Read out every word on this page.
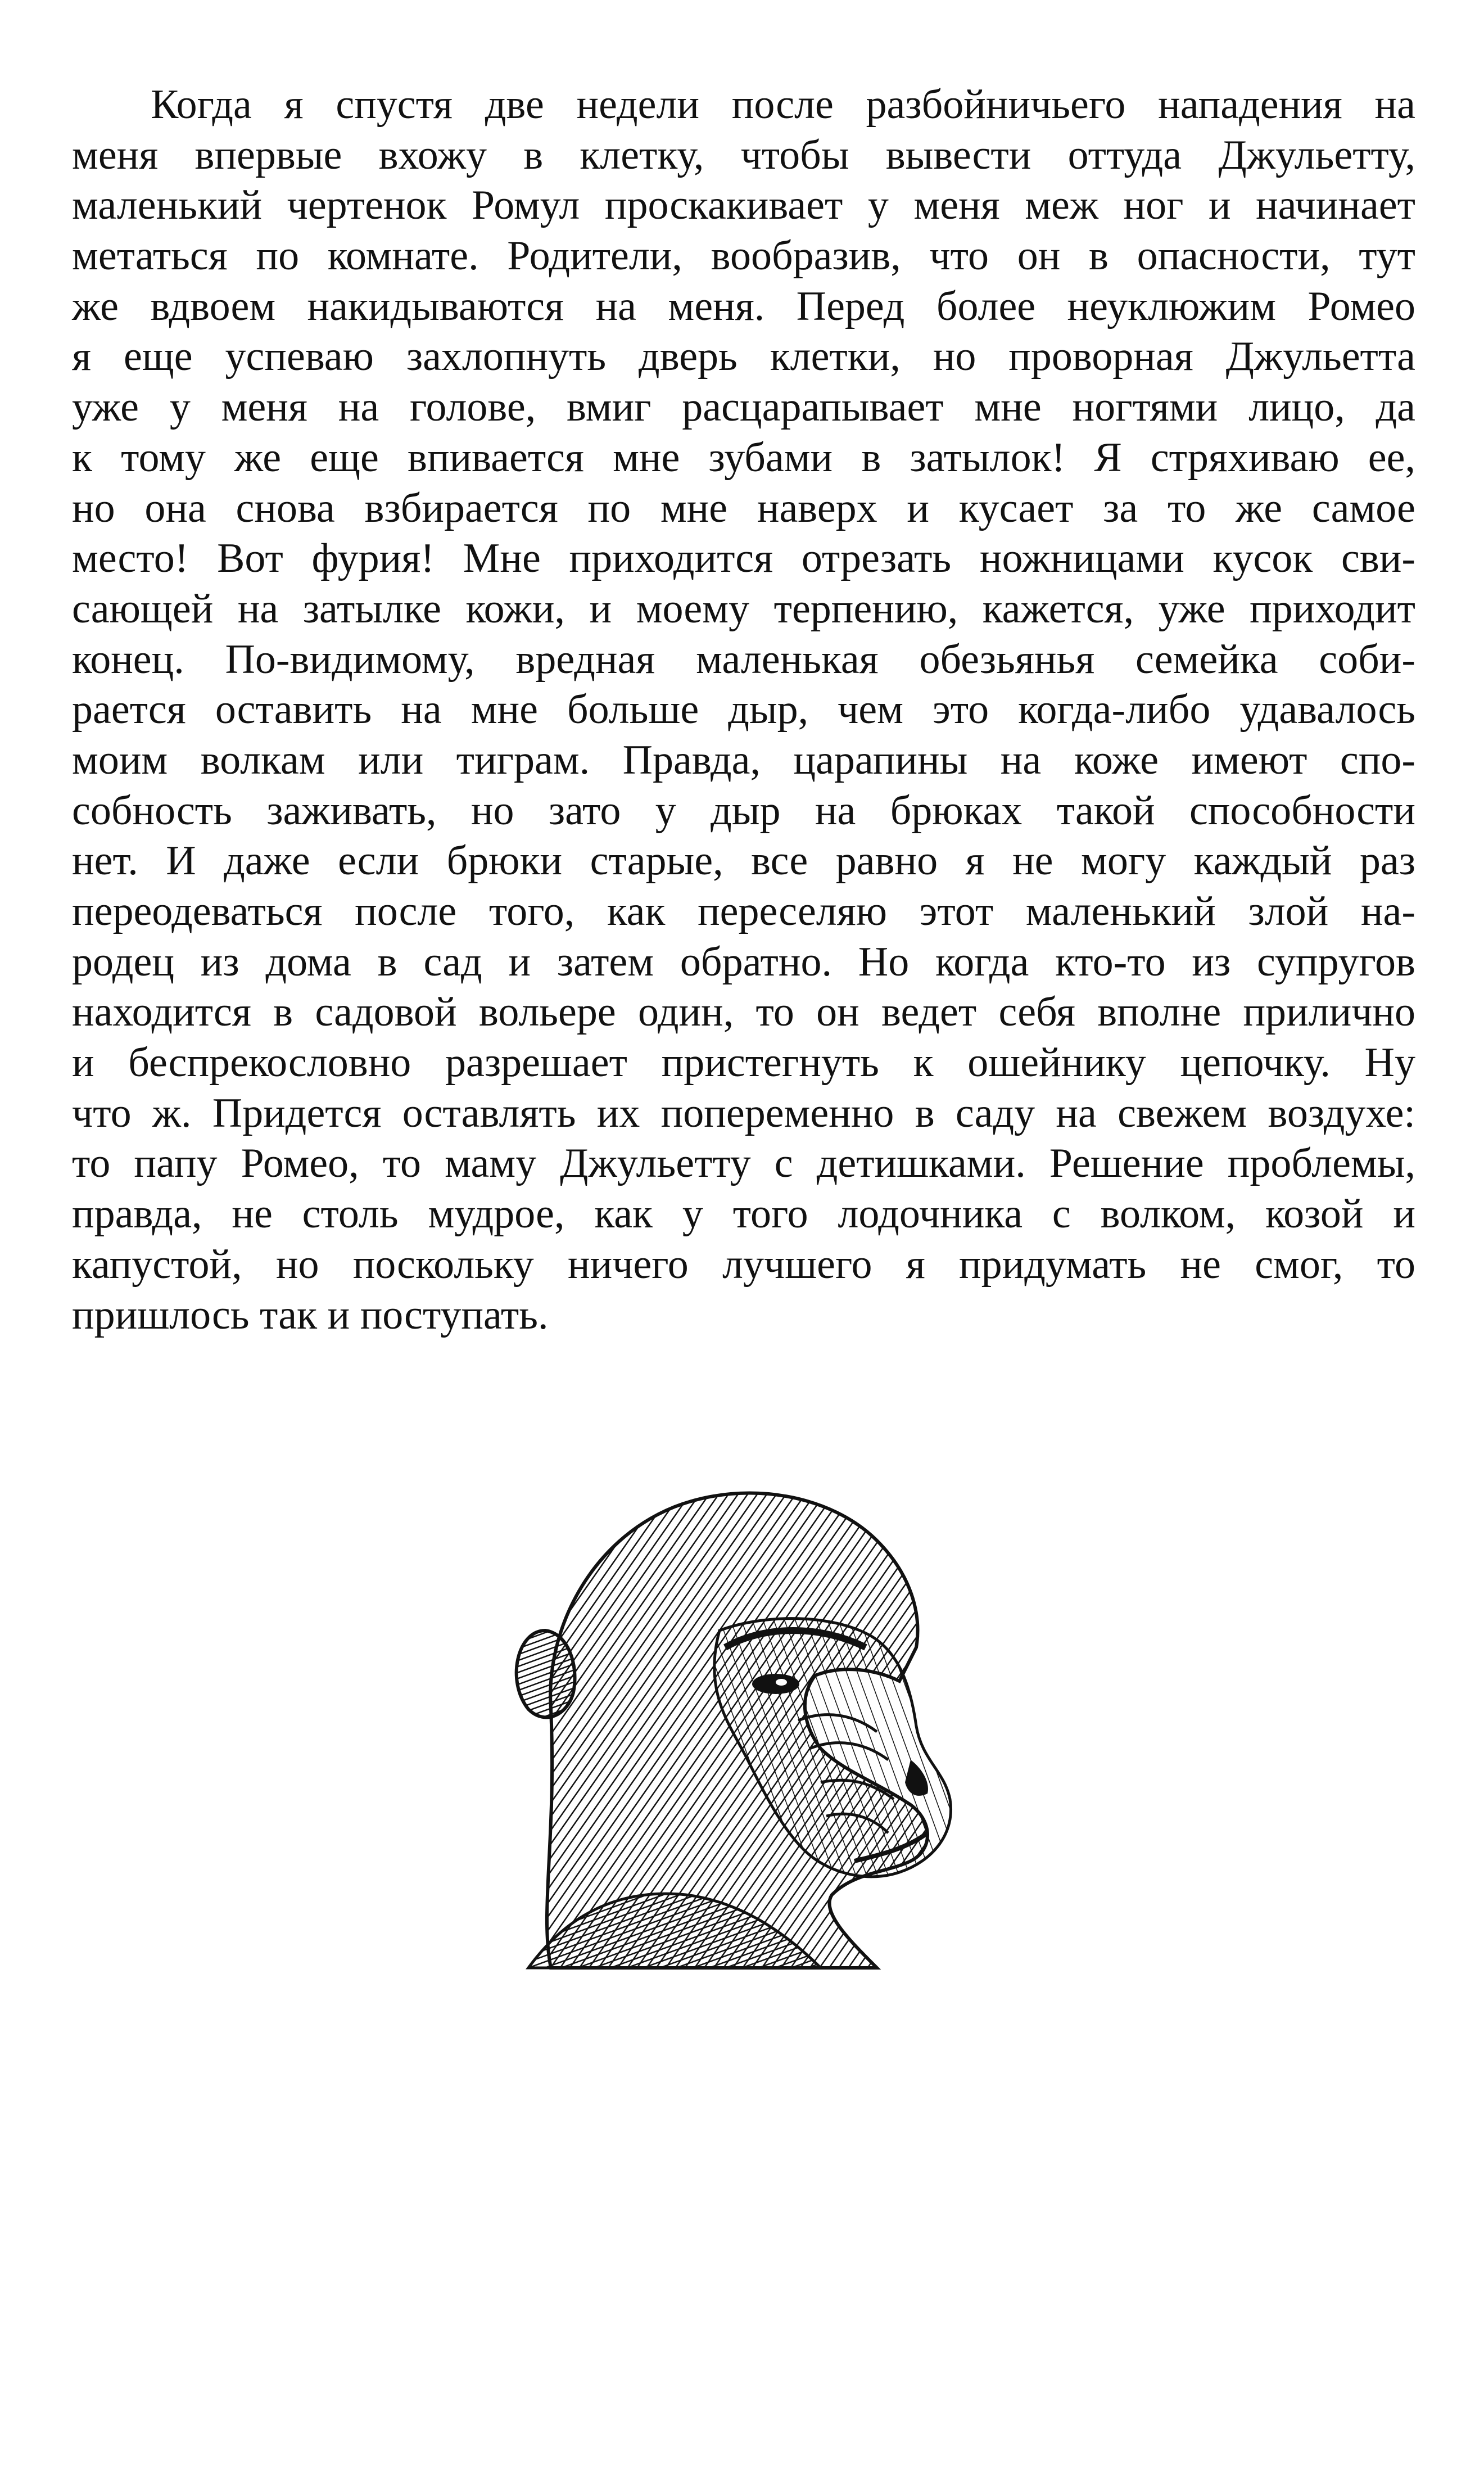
Когда я спустя две недели после разбойничьего нападения на
меня впервые вхожу в клетку, чтобы вывести оттуда Джульетту,
маленький чертенок Ромул проскакивает у меня меж ног и начинает
метаться по комнате. Родители, вообразив, что он в опасности, тут
же вдвоем накидываются на меня. Перед более неуклюжим Ромео
я еще успеваю захлопнуть дверь клетки, но проворная Джульетта
уже у меня на голове, вмиг расцарапывает мне ногтями лицо, да
к тому же еще впивается мне зубами в затылок! Я стряхиваю ее,
но она снова взбирается по мне наверх и кусает за то же самое
место! Вот фурия! Мне приходится отрезать ножницами кусок сви-
сающей на затылке кожи, и моему терпению, кажется, уже приходит
конец. По-видимому, вредная маленькая обезьянья семейка соби-
рается оставить на мне больше дыр, чем это когда-либо удавалось
моим волкам или тиграм. Правда, царапины на коже имеют спо-
собность заживать, но зато у дыр на брюках такой способности
нет. И даже если брюки старые, все равно я не могу каждый раз
переодеваться после того, как переселяю этот маленький злой на-
родец из дома в сад и затем обратно. Но когда кто-то из супругов
находится в садовой вольере один, то он ведет себя вполне прилично
и беспрекословно разрешает пристегнуть к ошейнику цепочку. Ну
что ж. Придется оставлять их попеременно в саду на свежем воздухе:
то папу Ромео, то маму Джульетту с детишками. Решение проблемы,
правда, не столь мудрое, как у того лодочника с волком, козой и
капустой, но поскольку ничего лучшего я придумать не смог, то
пришлось так и поступать.
